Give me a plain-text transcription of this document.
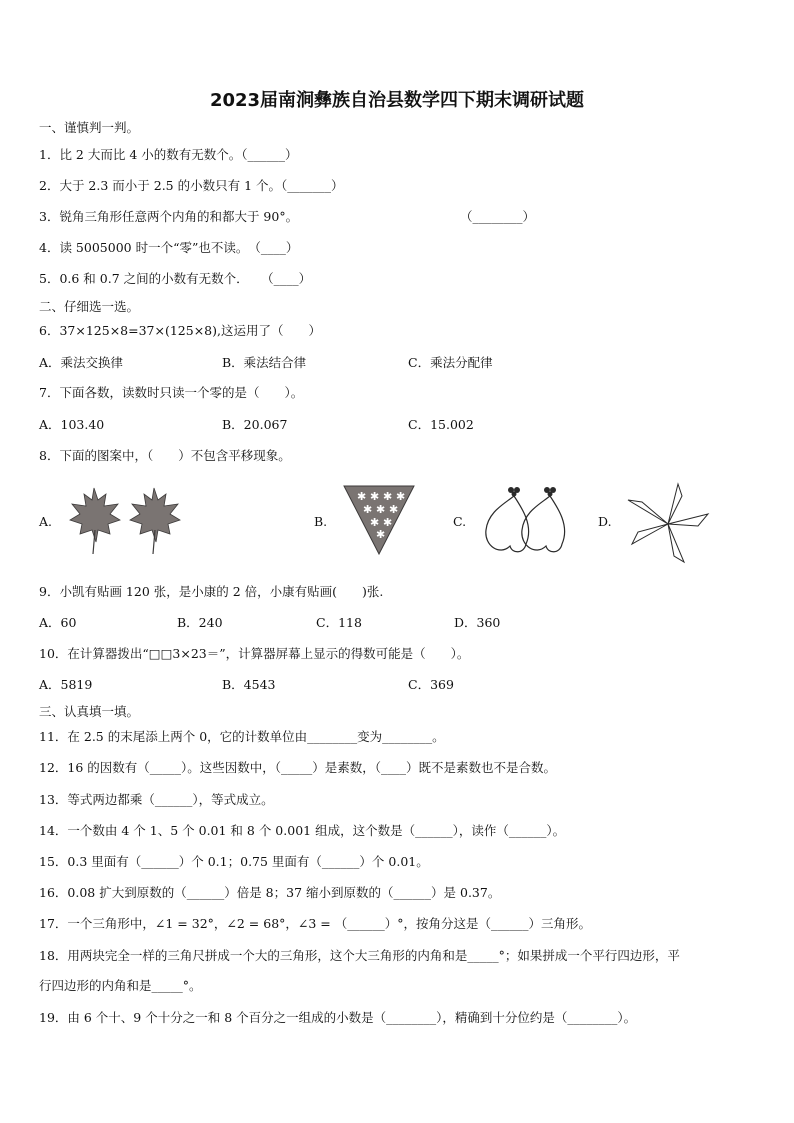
2023届南涧彝族自治县数学四下期末调研试题
一、谨慎判一判。
1．比 2 大而比 4 小的数有无数个。（______）
2．大于 2.3 而小于 2.5 的小数只有 1 个。（_______）
3．锐角三角形任意两个内角的和都大于 90°。	（________）
4．读 5005000 时一个“零”也不读。　（____）
5．0.6 和 0.7 之间的小数有无数个．　　（____）
二、仔细选一选。
6．37×125×8=37×(125×8),这运用了（　　）
A．乘法交换律	B．乘法结合律	C．乘法分配律
7．下面各数，读数时只读一个零的是（　　）。
A．103.40	B．20.067	C．15.002
8．下面的图案中，（　　）不包含平移现象。
A.	B.
✱ ✱ ✱ ✱
✱ ✱ ✱
✱ ✱
✱
C.	D.
9．小凯有贴画 120 张，是小康的 2 倍，小康有贴画(　　)张.
A．60	B．240	C．118	D．360
10．在计算器拨出“□□3×23＝”，计算器屏幕上显示的得数可能是（　　）。
A．5819	B．4543	C．369
三、认真填一填。
11．在 2.5 的末尾添上两个 0，它的计数单位由________变为________。
12．16 的因数有（_____）。这些因数中，（_____）是素数，（____）既不是素数也不是合数。
13．等式两边都乘（______），等式成立。
14．一个数由 4 个 1、5 个 0.01 和 8 个 0.001 组成，这个数是（______），读作（______）。
15．0.3 里面有（______）个 0.1；0.75 里面有（______）个 0.01。
16．0.08 扩大到原数的（______）倍是 8；37 缩小到原数的（______）是 0.37。
17．一个三角形中，∠1 = 32°，∠2 = 68°，∠3 = （______）°，按角分这是（______）三角形。
18．用两块完全一样的三角尺拼成一个大的三角形，这个大三角形的内角和是_____°；如果拼成一个平行四边形，平
行四边形的内角和是_____°。
19．由 6 个十、9 个十分之一和 8 个百分之一组成的小数是（________），精确到十分位约是（________）。
